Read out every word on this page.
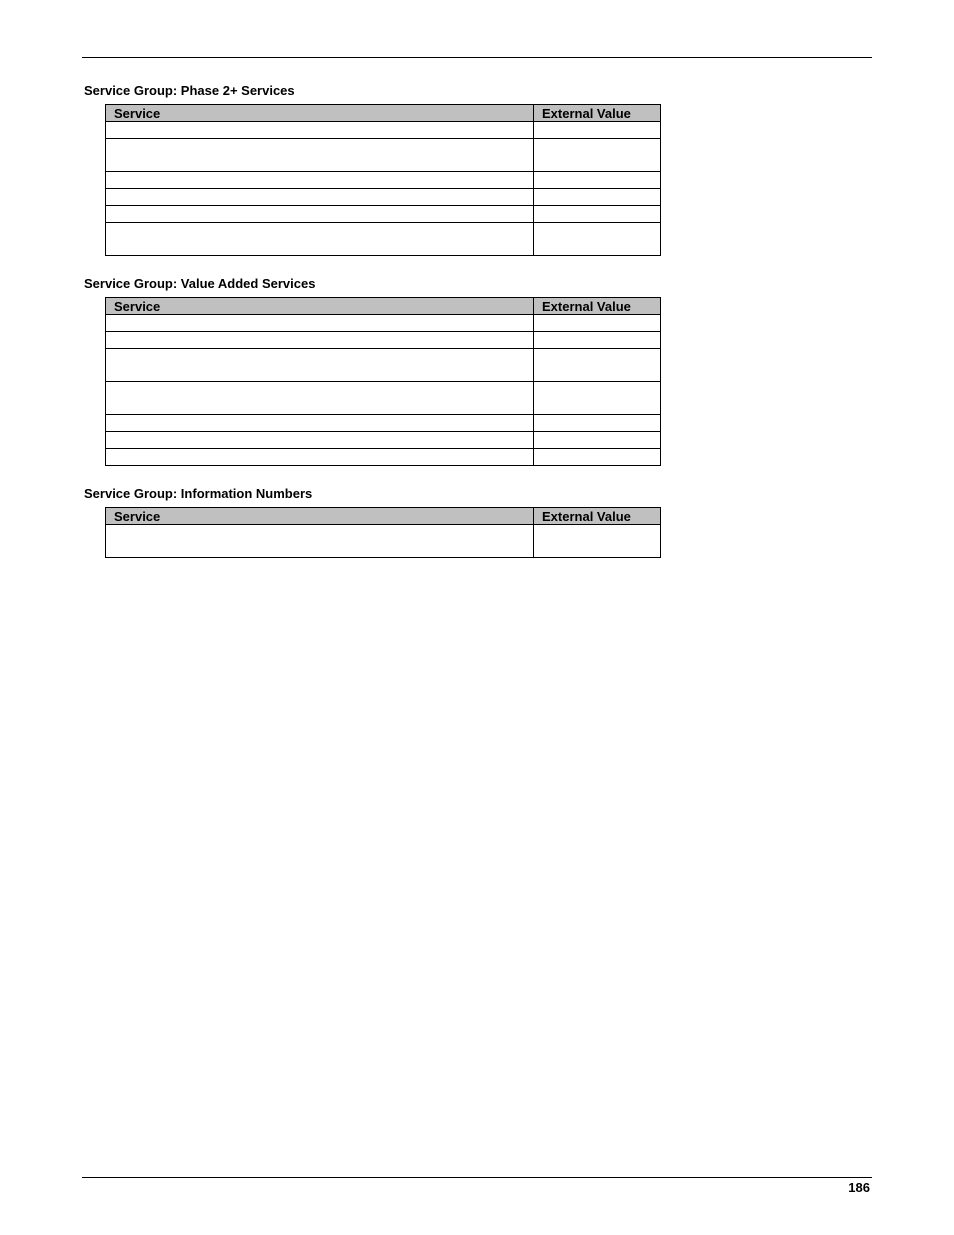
Service Group: Phase 2+ Services
Service	External Value

Service Group: Value Added Services
Service	External Value

Service Group: Information Numbers
Service	External Value

186
